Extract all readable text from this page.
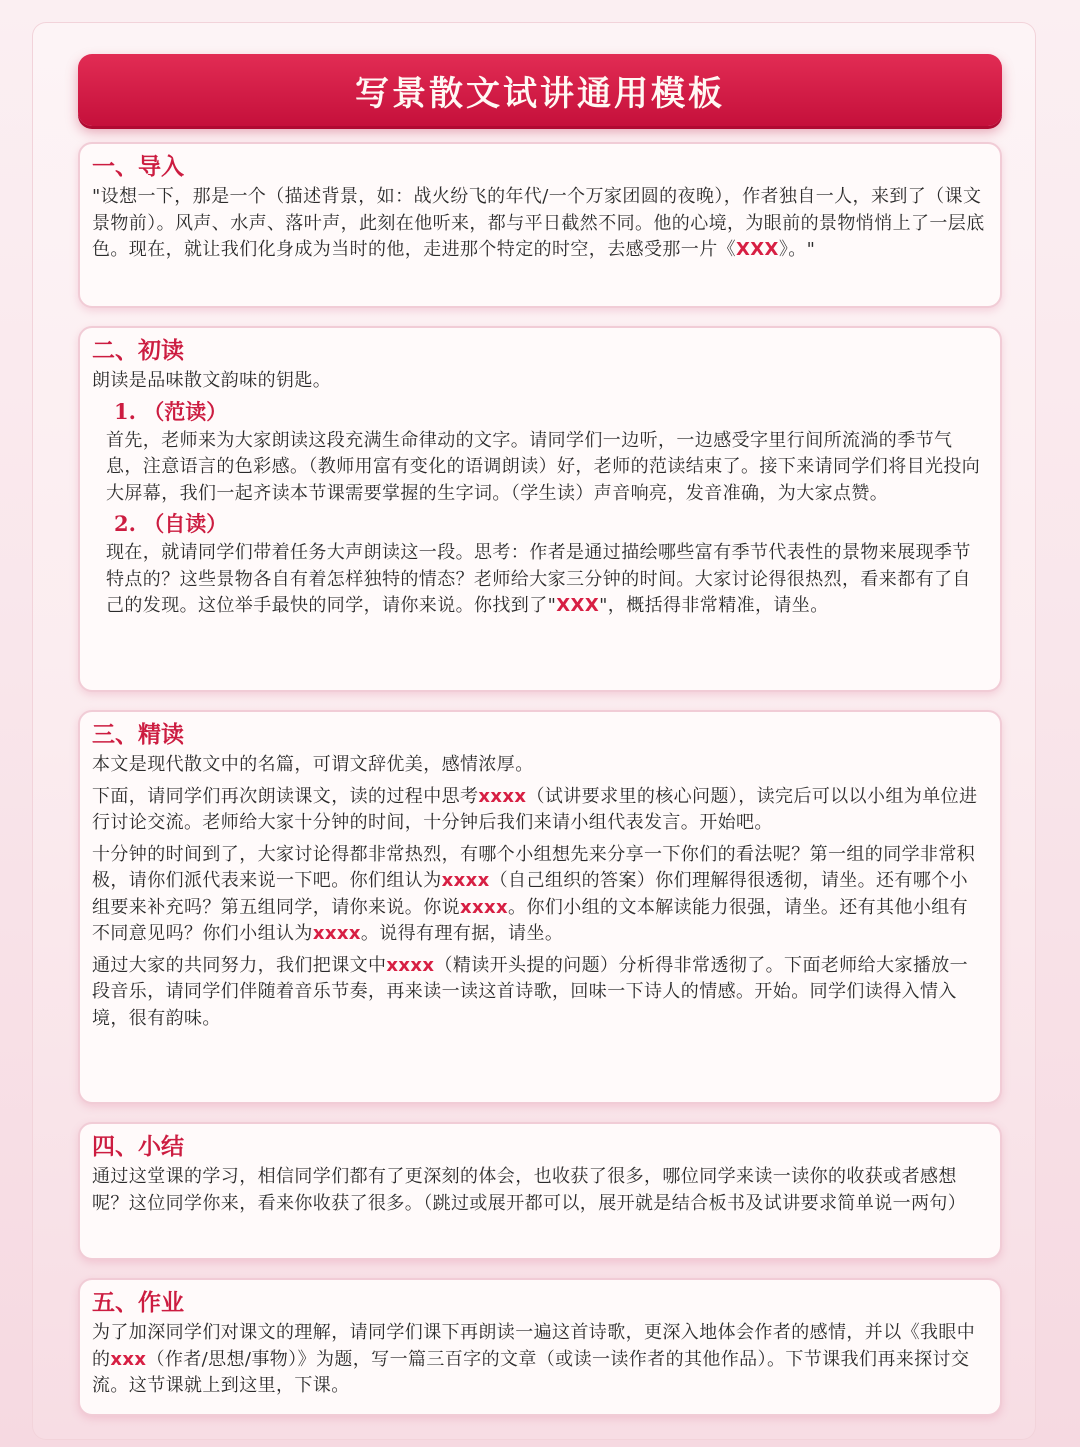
写景散文试讲通用模板
一、导入

"设想一下，那是一个（描述背景，如：战火纷飞的年代/一个万家团圆的夜晚），作者独自一人，来到了（课文景物前）。风声、水声、落叶声，此刻在他听来，都与平日截然不同。他的心境，为眼前的景物悄悄上了一层底色。现在，就让我们化身成为当时的他，走进那个特定的时空，去感受那一片《XXX》。"

二、初读

朗读是品味散文韵味的钥匙。

1. （范读）

首先，老师来为大家朗读这段充满生命律动的文字。请同学们一边听，一边感受字里行间所流淌的季节气息，注意语言的色彩感。（教师用富有变化的语调朗读）好，老师的范读结束了。接下来请同学们将目光投向大屏幕，我们一起齐读本节课需要掌握的生字词。（学生读）声音响亮，发音准确，为大家点赞。

2. （自读）

现在，就请同学们带着任务大声朗读这一段。思考：作者是通过描绘哪些富有季节代表性的景物来展现季节特点的？这些景物各自有着怎样独特的情态？老师给大家三分钟的时间。大家讨论得很热烈，看来都有了自己的发现。这位举手最快的同学，请你来说。你找到了"XXX"，概括得非常精准，请坐。

三、精读

本文是现代散文中的名篇，可谓文辞优美，感情浓厚。

下面，请同学们再次朗读课文，读的过程中思考xxxx（试讲要求里的核心问题），读完后可以以小组为单位进行讨论交流。老师给大家十分钟的时间，十分钟后我们来请小组代表发言。开始吧。

十分钟的时间到了，大家讨论得都非常热烈，有哪个小组想先来分享一下你们的看法呢？第一组的同学非常积极，请你们派代表来说一下吧。你们组认为xxxx（自己组织的答案）你们理解得很透彻，请坐。还有哪个小组要来补充吗？第五组同学，请你来说。你说xxxx。你们小组的文本解读能力很强，请坐。还有其他小组有不同意见吗？你们小组认为xxxx。说得有理有据，请坐。

通过大家的共同努力，我们把课文中xxxx（精读开头提的问题）分析得非常透彻了。下面老师给大家播放一段音乐，请同学们伴随着音乐节奏，再来读一读这首诗歌，回味一下诗人的情感。开始。同学们读得入情入境，很有韵味。

四、小结

通过这堂课的学习，相信同学们都有了更深刻的体会，也收获了很多，哪位同学来读一读你的收获或者感想呢？这位同学你来，看来你收获了很多。（跳过或展开都可以，展开就是结合板书及试讲要求简单说一两句）

五、作业

为了加深同学们对课文的理解，请同学们课下再朗读一遍这首诗歌，更深入地体会作者的感情，并以《我眼中的xxx（作者/思想/事物）》为题，写一篇三百字的文章（或读一读作者的其他作品）。下节课我们再来探讨交流。这节课就上到这里，下课。
